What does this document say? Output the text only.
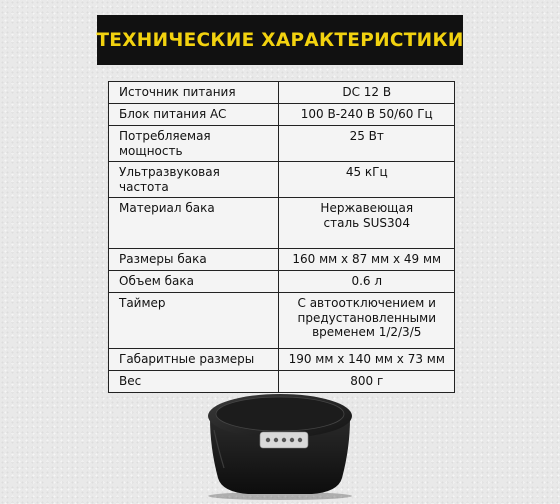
ТЕХНИЧЕСКИЕ ХАРАКТЕРИСТИКИ
Источник питания	DC 12 В
Блок питания AC	100 В-240 В 50/60 Гц
Потребляемая мощность	25 Вт
Ультразвуковая частота	45 кГц
Материал бака	Нержавеющая сталь SUS304
Размеры бака	160 мм х 87 мм х 49 мм
Объем бака	0.6 л
Таймер	С автоотключением и предустановленными временем 1/2/3/5
Габаритные размеры	190 мм х 140 мм х 73 мм
Вес	800 г
